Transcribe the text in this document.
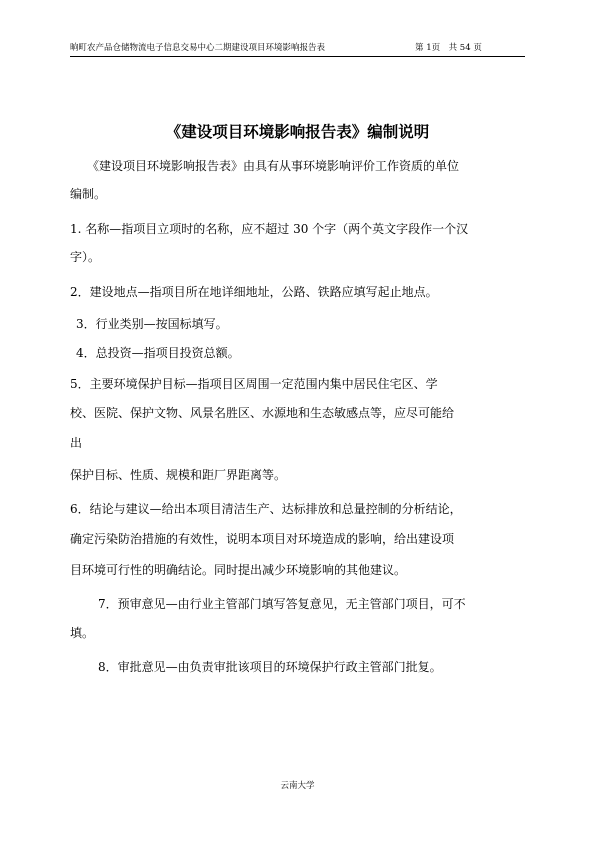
晌町农产品仓储物流电子信息交易中心二期建设项目环境影响报告表	第 1页　共 54 页
《建设项目环境影响报告表》编制说明
《建设项目环境影响报告表》由具有从事环境影响评价工作资质的单位
编制。
1. 名称—指项目立项时的名称，应不超过 30 个字（两个英文字段作一个汉
字）。
2．建设地点—指项目所在地详细地址，公路、铁路应填写起止地点。
3．行业类别—按国标填写。
4．总投资—指项目投资总额。
5．主要环境保护目标—指项目区周围一定范围内集中居民住宅区、学
校、医院、保护文物、风景名胜区、水源地和生态敏感点等，应尽可能给
出
保护目标、性质、规模和距厂界距离等。
6．结论与建议—给出本项目清洁生产、达标排放和总量控制的分析结论，
确定污染防治措施的有效性，说明本项目对环境造成的影响，给出建设项
目环境可行性的明确结论。同时提出减少环境影响的其他建议。
7．预审意见—由行业主管部门填写答复意见，无主管部门项目，可不
填。
8．审批意见—由负责审批该项目的环境保护行政主管部门批复。
云南大学
